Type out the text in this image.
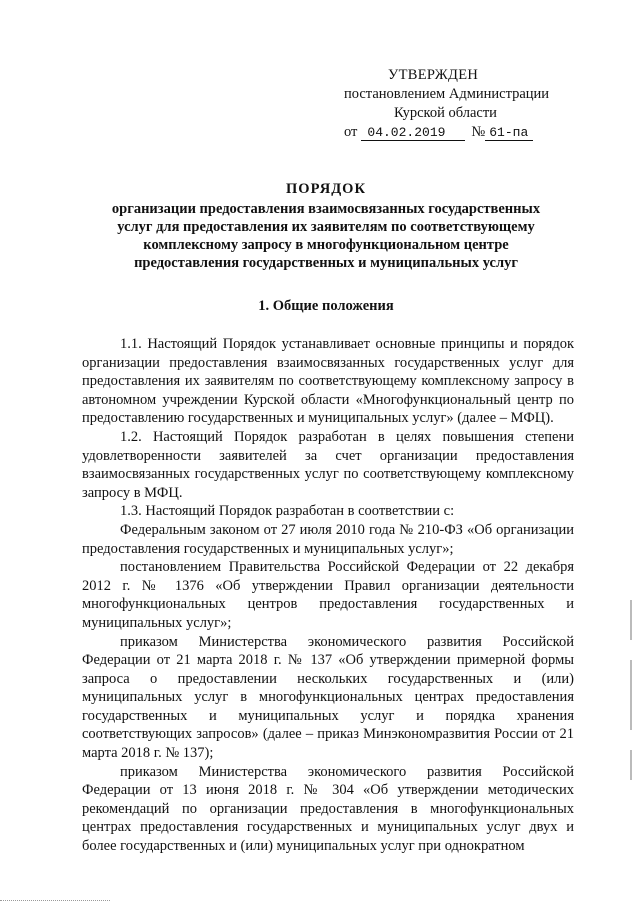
УТВЕРЖДЕН
постановлением Администрации
Курской области
от 04.02.2019	№ 61-па
ПОРЯДОК
организации предоставления взаимосвязанных государственных
услуг для предоставления их заявителям по соответствующему
комплексному запросу в многофункциональном центре
предоставления государственных и муниципальных услуг
1. Общие положения

1.1. Настоящий Порядок устанавливает основные принципы и порядок организации предоставления взаимосвязанных государственных услуг для предоставления их заявителям по соответствующему комплексному запросу в автономном учреждении Курской области «Многофункциональный центр по предоставлению государственных и муниципальных услуг» (далее – МФЦ).

1.2. Настоящий Порядок разработан в целях повышения степени удовлетворенности заявителей за счет организации предоставления взаимосвязанных государственных услуг по соответствующему комплексному запросу в МФЦ.

1.3. Настоящий Порядок разработан в соответствии с:

Федеральным законом от 27 июля 2010 года № 210-ФЗ «Об организации предоставления государственных и муниципальных услуг»;

постановлением Правительства Российской Федерации от 22 декабря 2012 г. № 1376 «Об утверждении Правил организации деятельности многофункциональных центров предоставления государственных и муниципальных услуг»;

приказом Министерства экономического развития Российской Федерации от 21 марта 2018 г. № 137 «Об утверждении примерной формы запроса о предоставлении нескольких государственных и (или) муниципальных услуг в многофункциональных центрах предоставления государственных и муниципальных услуг и порядка хранения соответствующих запросов» (далее – приказ Минэкономразвития России от 21 марта 2018 г. № 137);

приказом Министерства экономического развития Российской Федерации от 13 июня 2018 г. № 304 «Об утверждении методических рекомендаций по организации предоставления в многофункциональных центрах предоставления государственных и муниципальных услуг двух и более государственных и (или) муниципальных услуг при однократном
